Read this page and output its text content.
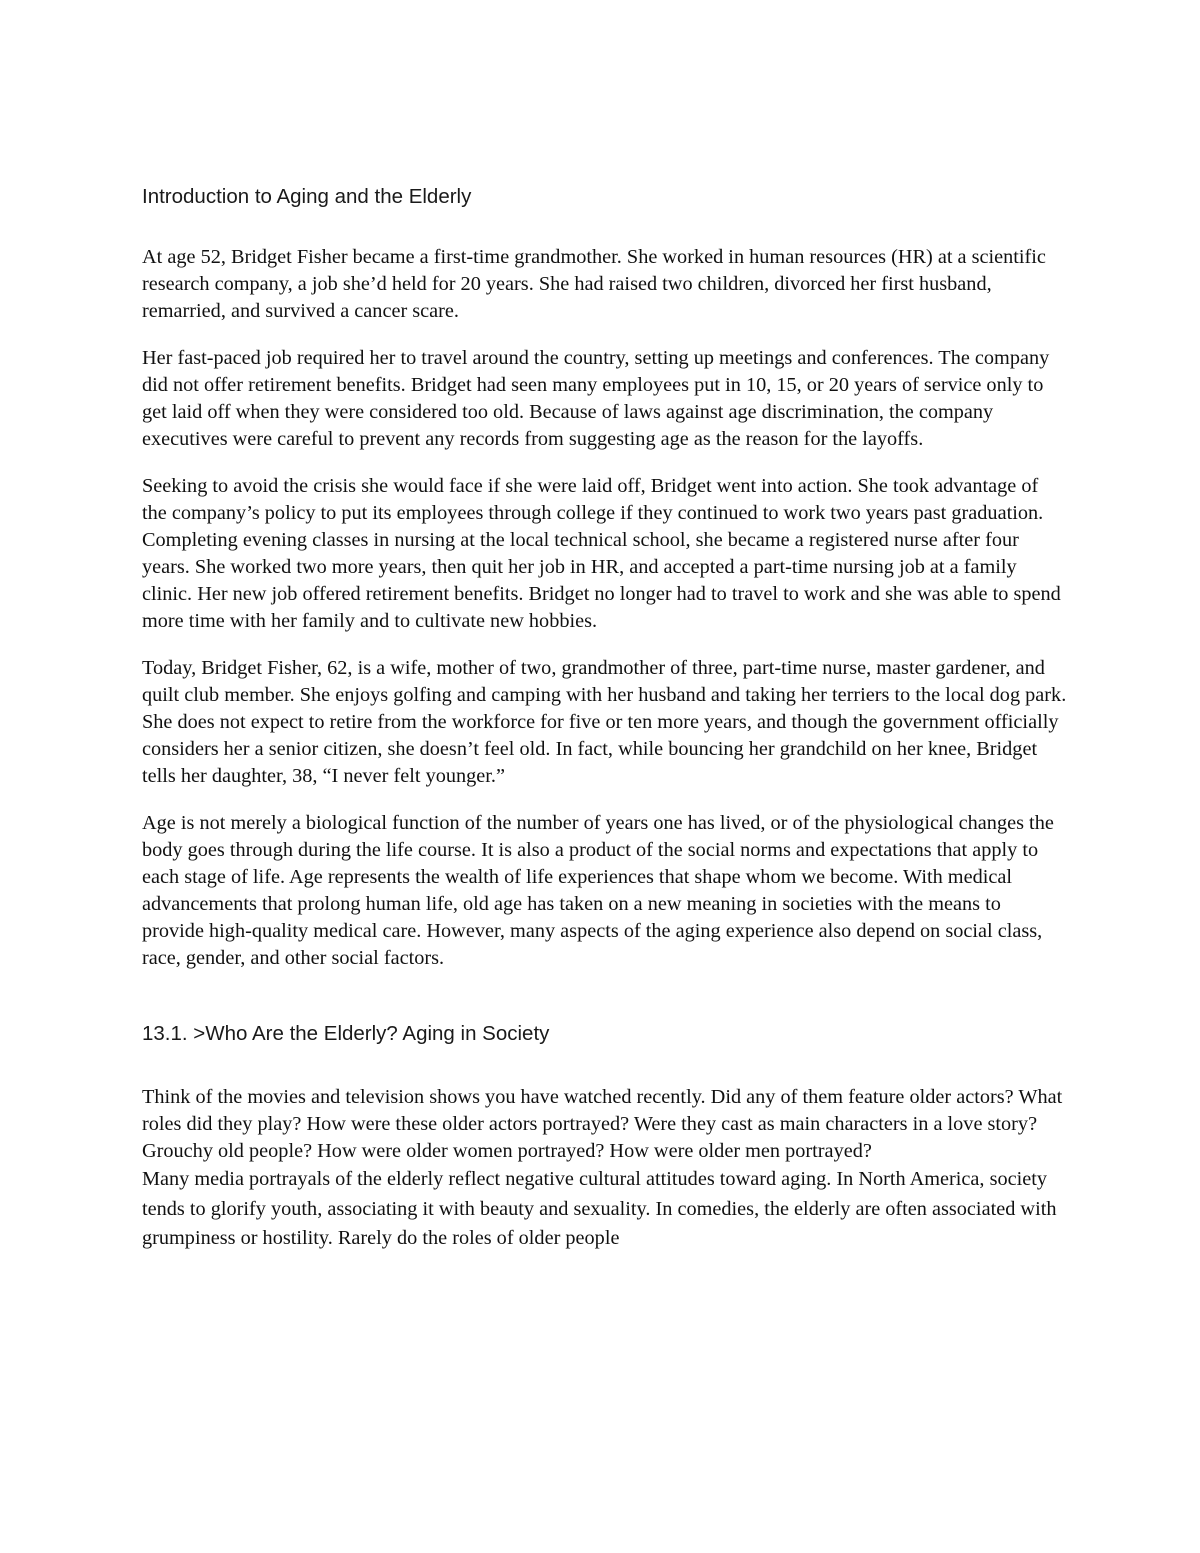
Introduction to Aging and the Elderly

At age 52, Bridget Fisher became a first-time grandmother. She worked in human resources (HR) at a scientific research company, a job she’d held for 20 years. She had raised two children, divorced her first husband, remarried, and survived a cancer scare.

Her fast-paced job required her to travel around the country, setting up meetings and conferences. The company did not offer retirement benefits. Bridget had seen many employees put in 10, 15, or 20 years of service only to get laid off when they were considered too old. Because of laws against age discrimination, the company executives were careful to prevent any records from suggesting age as the reason for the layoffs.

Seeking to avoid the crisis she would face if she were laid off, Bridget went into action. She took advantage of the company’s policy to put its employees through college if they continued to work two years past graduation. Completing evening classes in nursing at the local technical school, she became a registered nurse after four years. She worked two more years, then quit her job in HR, and accepted a part-time nursing job at a family clinic. Her new job offered retirement benefits. Bridget no longer had to travel to work and she was able to spend more time with her family and to cultivate new hobbies.

Today, Bridget Fisher, 62, is a wife, mother of two, grandmother of three, part-time nurse, master gardener, and quilt club member. She enjoys golfing and camping with her husband and taking her terriers to the local dog park. She does not expect to retire from the workforce for five or ten more years, and though the government officially considers her a senior citizen, she doesn’t feel old. In fact, while bouncing her grandchild on her knee, Bridget tells her daughter, 38, “I never felt younger.”

Age is not merely a biological function of the number of years one has lived, or of the physiological changes the body goes through during the life course. It is also a product of the social norms and expectations that apply to each stage of life. Age represents the wealth of life experiences that shape whom we become. With medical advancements that prolong human life, old age has taken on a new meaning in societies with the means to provide high-quality medical care. However, many aspects of the aging experience also depend on social class, race, gender, and other social factors.

13.1. >Who Are the Elderly? Aging in Society

Think of the movies and television shows you have watched recently. Did any of them feature older actors? What roles did they play? How were these older actors portrayed? Were they cast as main characters in a love story? Grouchy old people? How were older women portrayed? How were older men portrayed?

Many media portrayals of the elderly reflect negative cultural attitudes toward aging. In North America, society tends to glorify youth, associating it with beauty and sexuality. In comedies, the elderly are often associated with grumpiness or hostility. Rarely do the roles of older people
